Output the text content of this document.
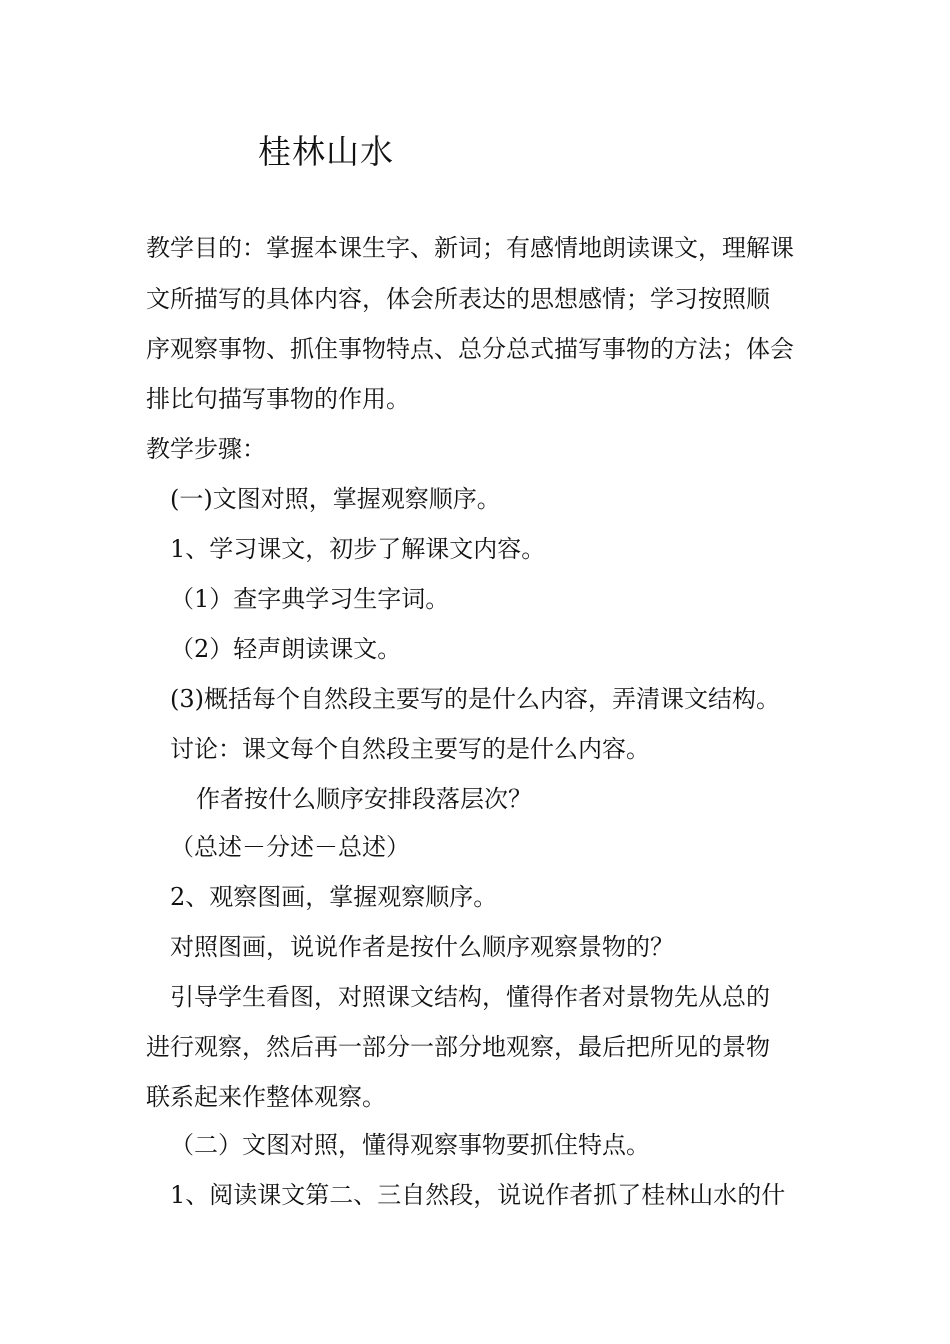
桂林山水
教学目的：掌握本课生字、新词；有感情地朗读课文，理解课
文所描写的具体内容，体会所表达的思想感情；学习按照顺
序观察事物、抓住事物特点、总分总式描写事物的方法；体会
排比句描写事物的作用。
教学步骤：
(一)文图对照，掌握观察顺序。
1、学习课文，初步了解课文内容。
（1）查字典学习生字词。
（2）轻声朗读课文。
(3)概括每个自然段主要写的是什么内容，弄清课文结构。
讨论：课文每个自然段主要写的是什么内容。
作者按什么顺序安排段落层次？
（总述－分述－总述）
2、观察图画，掌握观察顺序。
对照图画，说说作者是按什么顺序观察景物的？
引导学生看图，对照课文结构，懂得作者对景物先从总的
进行观察，然后再一部分一部分地观察，最后把所见的景物
联系起来作整体观察。
（二）文图对照，懂得观察事物要抓住特点。
1、阅读课文第二、三自然段，说说作者抓了桂林山水的什
